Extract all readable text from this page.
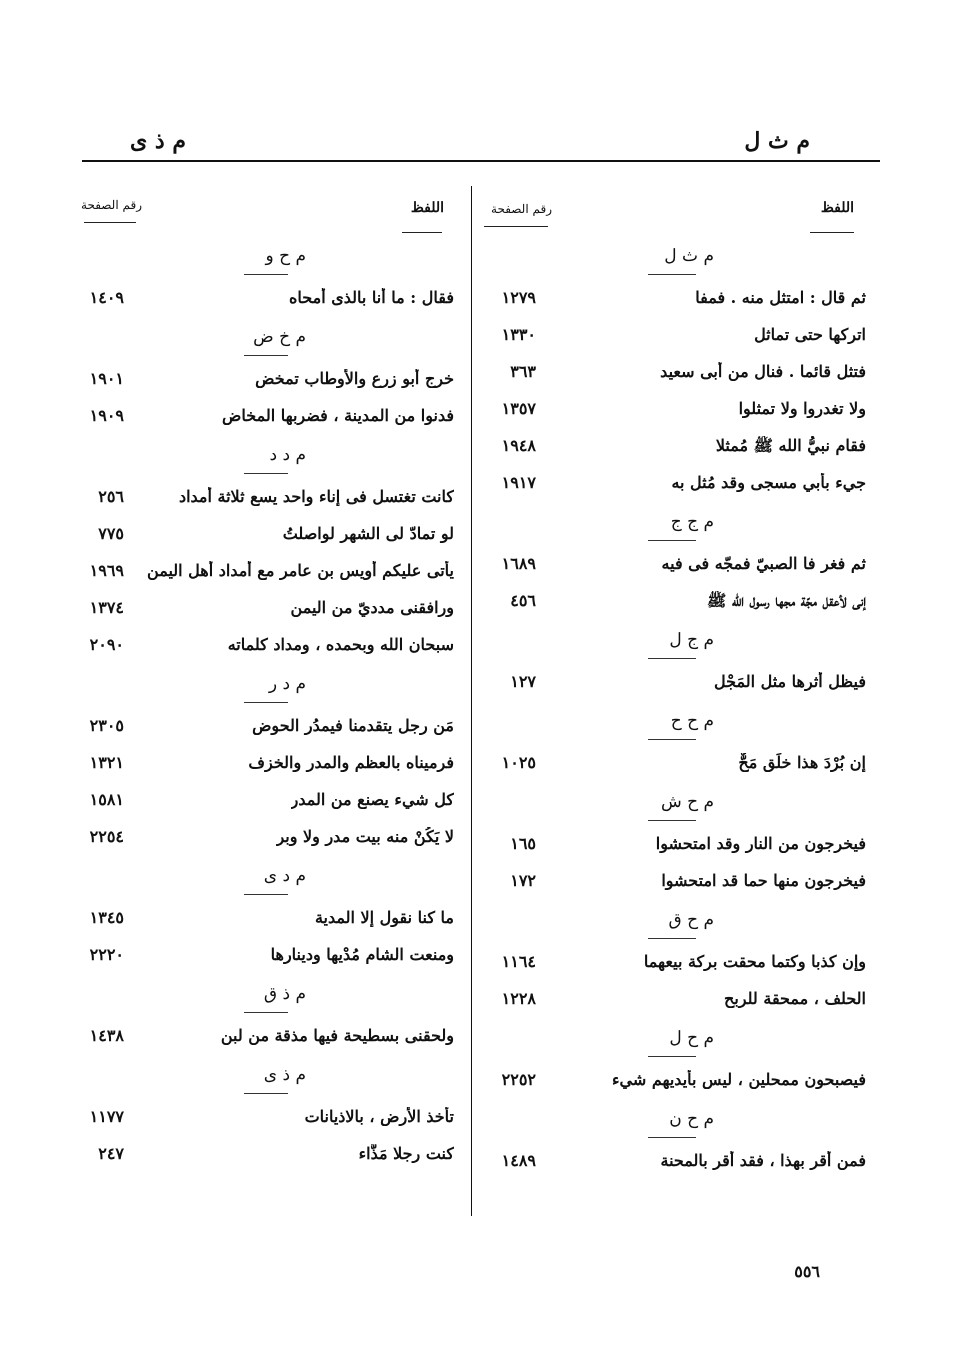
م ث ل
م ذ ى
اللفظ
رقم الصفحة
اللفظ
رقم الصفحة
م ث ل
ثم قال : امتثل منه . فمفا
١٢٧٩
اتركها حتى تماثل
١٣٣٠
فتثل قائما . فنال من أبى سعيد
٣٦٣
ولا تغدروا ولا تمثلوا
١٣٥٧
فقام نبيُّ الله ﷺ مُمثلا
١٩٤٨
جيء بأبي مسجى وقد مُثل به
١٩١٧
م ج ج
ثم فغر فا الصبيّ فمجّه فى فيه
١٦٨٩
إنى لأعقل مجّة مجها رسول الله ﷺ
٤٥٦
م ج ل
فيظل أثرها مثل المَجْل
١٢٧
م ح ح
إن بُرْدَ هذا خلَق مَحٌّ
١٠٢٥
م ح ش
فيخرجون من النار وقد امتحشوا
١٦٥
فيخرجون منها حما قد امتحشوا
١٧٢
م ح ق
وإن كذبا وكتما محقت بركة بيعهما
١١٦٤
الحلف ، ممحقة للربح
١٢٢٨
م ح ل
فيصبحون ممحلين ، ليس بأيديهم شيء
٢٢٥٢
م ح ن
فمن أقر بهذا ، فقد أقر بالمحنة
١٤٨٩
م ح و
فقال : ما أنا بالذى أمحاه
١٤٠٩
م خ ض
خرج أبو زرع والأوطاب تمخض
١٩٠١
فدنوا من المدينة ، فضربها المخاض
١٩٠٩
م د د
كانت تغتسل فى إناء واحد يسع ثلاثة أمداد
٢٥٦
لو تمادّ لى الشهر لواصلتُ
٧٧٥
يأتى عليكم أويس بن عامر مع أمداد أهل اليمن
١٩٦٩
ورافقنى مدديّ من اليمن
١٣٧٤
سبحان الله وبحمده ، ومداد كلماته
٢٠٩٠
م د ر
مَن رجل يتقدمنا فيمدُر الحوض
٢٣٠٥
فرميناه بالعظم والمدر والخزف
١٣٢١
كل شيء يصنع من المدر
١٥٨١
لا يَكُنْ منه بيت مدر ولا وبر
٢٢٥٤
م د ى
ما كنا نقول إلا المدية
١٣٤٥
ومنعت الشام مُدْيها ودينارها
٢٢٢٠
م ذ ق
ولحقنى بسطيحة فيها مذقة من لبن
١٤٣٨
م ذ ى
تأخذ الأرض ، بالاذيانات
١١٧٧
كنت رجلا مَذَّاء
٢٤٧
٥٥٦
